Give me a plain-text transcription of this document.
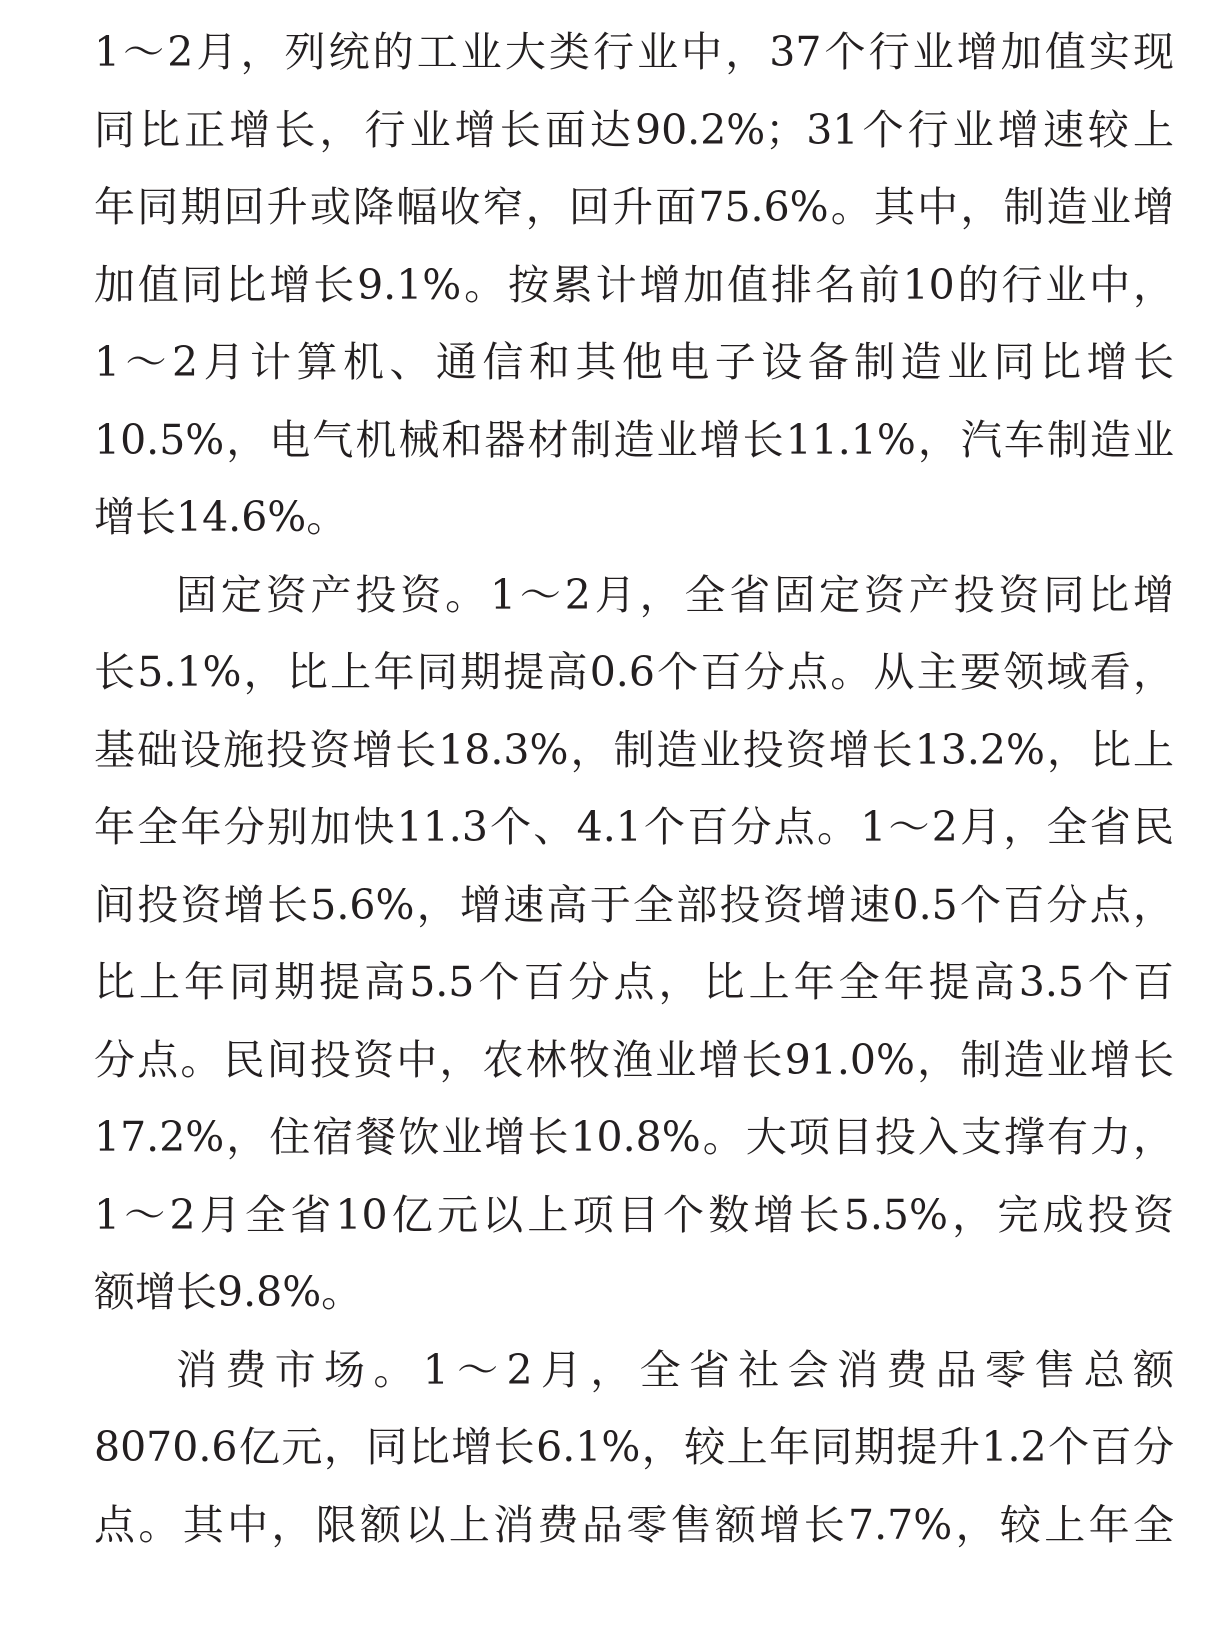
1～2月，列统的工业大类行业中，37个行业增加值实现
同比正增长，行业增长面达90.2%；31个行业增速较上
年同期回升或降幅收窄，回升面75.6%。其中，制造业增
加值同比增长9.1%。按累计增加值排名前10的行业中，
1～2月计算机、通信和其他电子设备制造业同比增长
10.5%，电气机械和器材制造业增长11.1%，汽车制造业
增长14.6%。
固定资产投资。1～2月，全省固定资产投资同比增
长5.1%，比上年同期提高0.6个百分点。从主要领域看，
基础设施投资增长18.3%，制造业投资增长13.2%，比上
年全年分别加快11.3个、4.1个百分点。1～2月，全省民
间投资增长5.6%，增速高于全部投资增速0.5个百分点，
比上年同期提高5.5个百分点，比上年全年提高3.5个百
分点。民间投资中，农林牧渔业增长91.0%，制造业增长
17.2%，住宿餐饮业增长10.8%。大项目投入支撑有力，
1～2月全省10亿元以上项目个数增长5.5%，完成投资
额增长9.8%。
消费市场。1～2月，全省社会消费品零售总额
8070.6亿元，同比增长6.1%，较上年同期提升1.2个百分
点。其中，限额以上消费品零售额增长7.7%，较上年全
